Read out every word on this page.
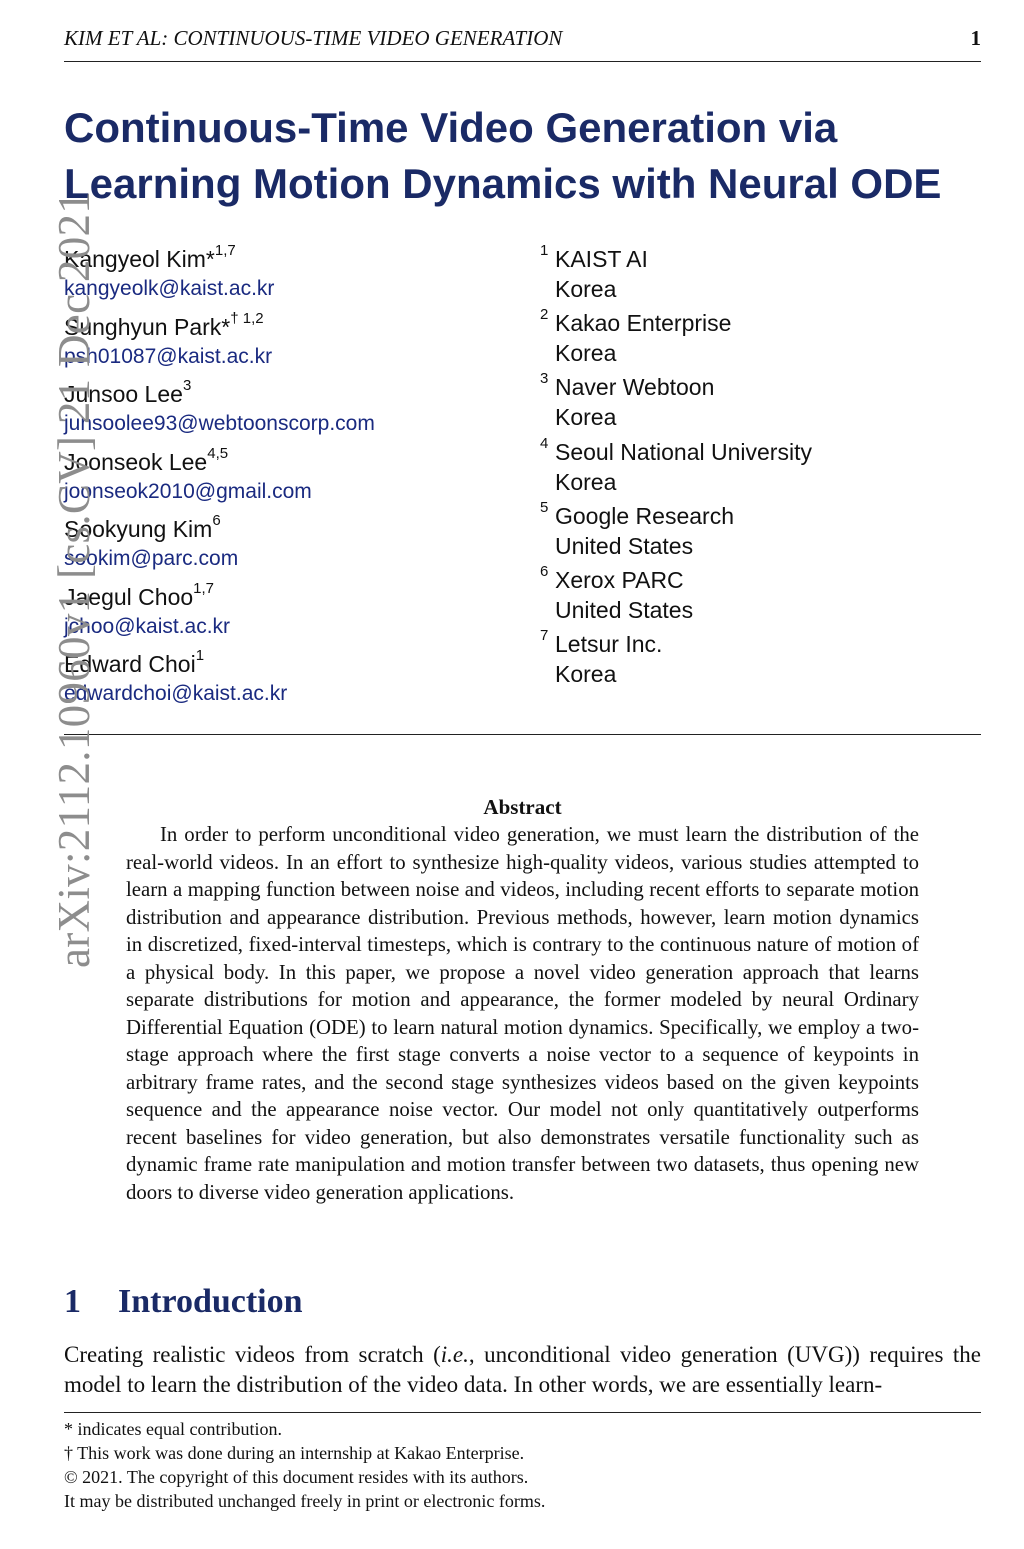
KIM ET AL: CONTINUOUS-TIME VIDEO GENERATION	1
Continuous-Time Video Generation via
Learning Motion Dynamics with Neural ODE
Kangyeol Kim*$^{1,7}$
kangyeolk@kaist.ac.kr
Sunghyun Park*$^{\dagger 1,2}$
psh01087@kaist.ac.kr
Junsoo Lee$^3$
junsoolee93@webtoonscorp.com
Joonseok Lee$^{4,5}$
joonseok2010@gmail.com
Sookyung Kim$^6$
sookim@parc.com
Jaegul Choo$^{1,7}$
jchoo@kaist.ac.kr
Edward Choi$^1$
edwardchoi@kaist.ac.kr
1 KAIST AI
Korea
2 Kakao Enterprise
Korea
3 Naver Webtoon
Korea
4 Seoul National University
Korea
5 Google Research
United States
6 Xerox PARC
United States
7 Letsur Inc.
Korea
arXiv:2112.10960v1 [cs.CV] 21 Dec 2021	Abstract

In order to perform unconditional video generation, we must learn the distribution of the real-world videos. In an effort to synthesize high-quality videos, various studies attempted to learn a mapping function between noise and videos, including recent efforts to separate motion distribution and appearance distribution. Previous methods, however, learn motion dynamics in discretized, fixed-interval timesteps, which is contrary to the continuous nature of motion of a physical body. In this paper, we propose a novel video generation approach that learns separate distributions for motion and appearance, the former modeled by neural Ordinary Differential Equation (ODE) to learn natural motion dynamics. Specifically, we employ a two-stage approach where the first stage converts a noise vector to a sequence of keypoints in arbitrary frame rates, and the second stage synthesizes videos based on the given keypoints sequence and the appearance noise vector. Our model not only quantitatively outperforms recent baselines for video generation, but also demonstrates versatile functionality such as dynamic frame rate manipulation and motion transfer between two datasets, thus opening new doors to diverse video generation applications.

1 Introduction

Creating realistic videos from scratch (i.e., unconditional video generation (UVG)) requires the model to learn the distribution of the video data. In other words, we are essentially learn-

* indicates equal contribution.
† This work was done during an internship at Kakao Enterprise.
© 2021. The copyright of this document resides with its authors.
It may be distributed unchanged freely in print or electronic forms.
